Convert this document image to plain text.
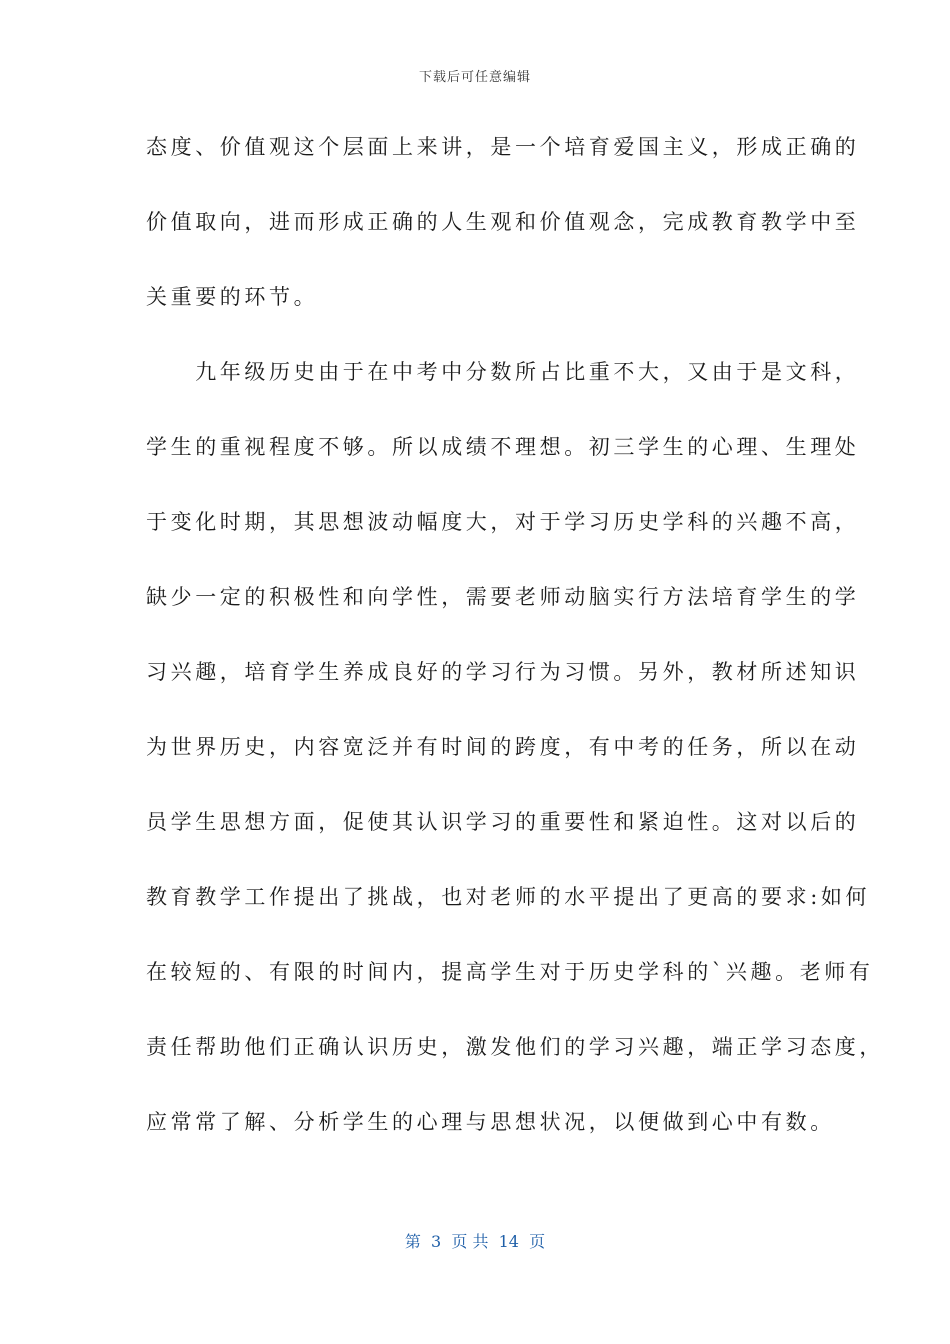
下载后可任意编辑
态度、价值观这个层面上来讲，是一个培育爱国主义，形成正确的
价值取向，进而形成正确的人生观和价值观念，完成教育教学中至
关重要的环节。
　　九年级历史由于在中考中分数所占比重不大，又由于是文科，
学生的重视程度不够。所以成绩不理想。初三学生的心理、生理处
于变化时期，其思想波动幅度大，对于学习历史学科的兴趣不高，
缺少一定的积极性和向学性，需要老师动脑实行方法培育学生的学
习兴趣，培育学生养成良好的学习行为习惯。另外，教材所述知识
为世界历史，内容宽泛并有时间的跨度，有中考的任务，所以在动
员学生思想方面，促使其认识学习的重要性和紧迫性。这对以后的
教育教学工作提出了挑战，也对老师的水平提出了更高的要求:如何
在较短的、有限的时间内，提高学生对于历史学科的`兴趣。老师有
责任帮助他们正确认识历史，激发他们的学习兴趣，端正学习态度，
应常常了解、分析学生的心理与思想状况，以便做到心中有数。
第  3  页 共  14  页
